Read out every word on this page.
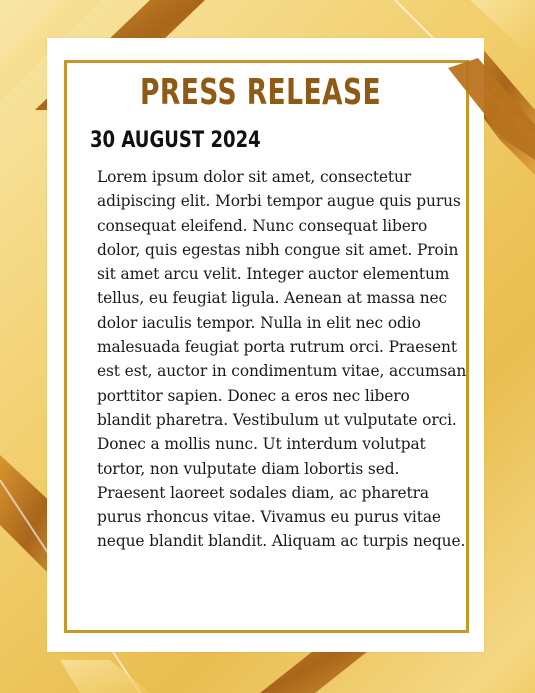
PRESS RELEASE
30 AUGUST 2024
Lorem ipsum dolor sit amet, consectetur adipiscing elit. Morbi tempor augue quis purus consequat eleifend. Nunc consequat libero dolor, quis egestas nibh congue sit amet. Proin sit amet arcu velit. Integer auctor elementum tellus, eu feugiat ligula. Aenean at massa nec dolor iaculis tempor. Nulla in elit nec odio malesuada feugiat porta rutrum orci. Praesent est est, auctor in condimentum vitae, accumsan porttitor sapien. Donec a eros nec libero blandit pharetra. Vestibulum ut vulputate orci. Donec a mollis nunc. Ut interdum volutpat tortor, non vulputate diam lobortis sed. Praesent laoreet sodales diam, ac pharetra purus rhoncus vitae. Vivamus eu purus vitae neque blandit blandit. Aliquam ac turpis neque.
